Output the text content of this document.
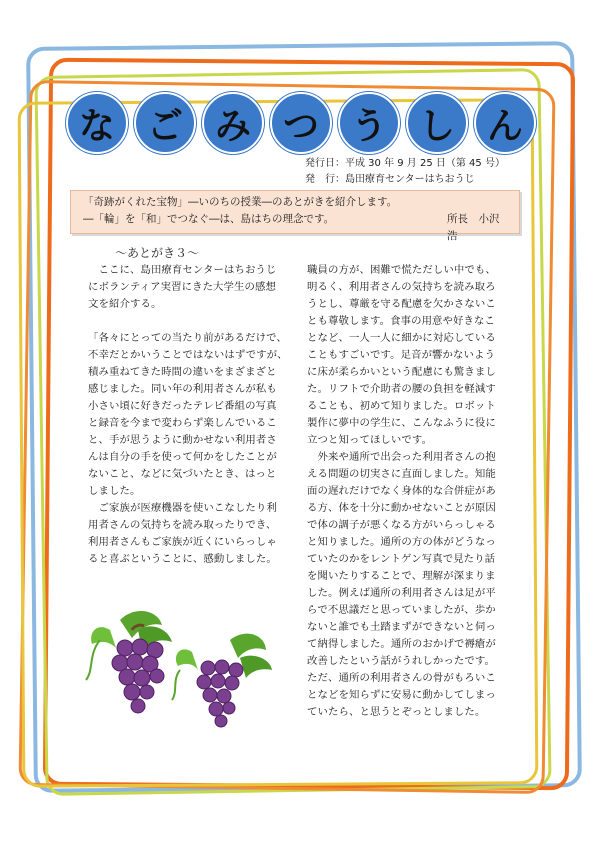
な ご み つ う し ん
発行日：平成 30 年 9 月 25 日（第 45 号）
発　行：島田療育センターはちおうじ
「奇跡がくれた宝物」―いのちの授業―のあとがきを紹介します。
―「輪」を「和」でつなぐ―は、島はちの理念です。	所長　小沢　浩
～あとがき３～

　ここに、島田療育センターはちおうじ

にボランティア実習にきた大学生の感想

文を紹介する。

「各々にとっての当たり前があるだけで、

不幸だとかいうことではないはずですが、

積み重ねてきた時間の違いをまざまざと

感じました。同い年の利用者さんが私も

小さい頃に好きだったテレビ番組の写真

と録音を今まで変わらず楽しんでいるこ

と、手が思うように動かせない利用者さ

んは自分の手を使って何かをしたことが

ないこと、などに気づいたとき、はっと

しました。

　ご家族が医療機器を使いこなしたり利

用者さんの気持ちを読み取ったりでき、

利用者さんもご家族が近くにいらっしゃ

ると喜ぶということに、感動しました。

職員の方が、困難で慌ただしい中でも、

明るく、利用者さんの気持ちを読み取ろ

うとし、尊厳を守る配慮を欠かさないこ

とも尊敬します。食事の用意や好きなこ

となど、一人一人に細かに対応している

こともすごいです。足音が響かないよう

に床が柔らかいという配慮にも驚きまし

た。リフトで介助者の腰の負担を軽減す

ることも、初めて知りました。ロボット

製作に夢中の学生に、こんなふうに役に

立つと知ってほしいです。

　外来や通所で出会った利用者さんの抱

える問題の切実さに直面しました。知能

面の遅れだけでなく身体的な合併症があ

る方、体を十分に動かせないことが原因

で体の調子が悪くなる方がいらっしゃる

と知りました。通所の方の体がどうなっ

ていたのかをレントゲン写真で見たり話

を聞いたりすることで、理解が深まりま

した。例えば通所の利用者さんは足が平

らで不思議だと思っていましたが、歩か

ないと誰でも土踏まずができないと伺っ

て納得しました。通所のおかげで褥瘡が

改善したという話がうれしかったです。

ただ、通所の利用者さんの骨がもろいこ

となどを知らずに安易に動かしてしまっ

ていたら、と思うとぞっとしました。
